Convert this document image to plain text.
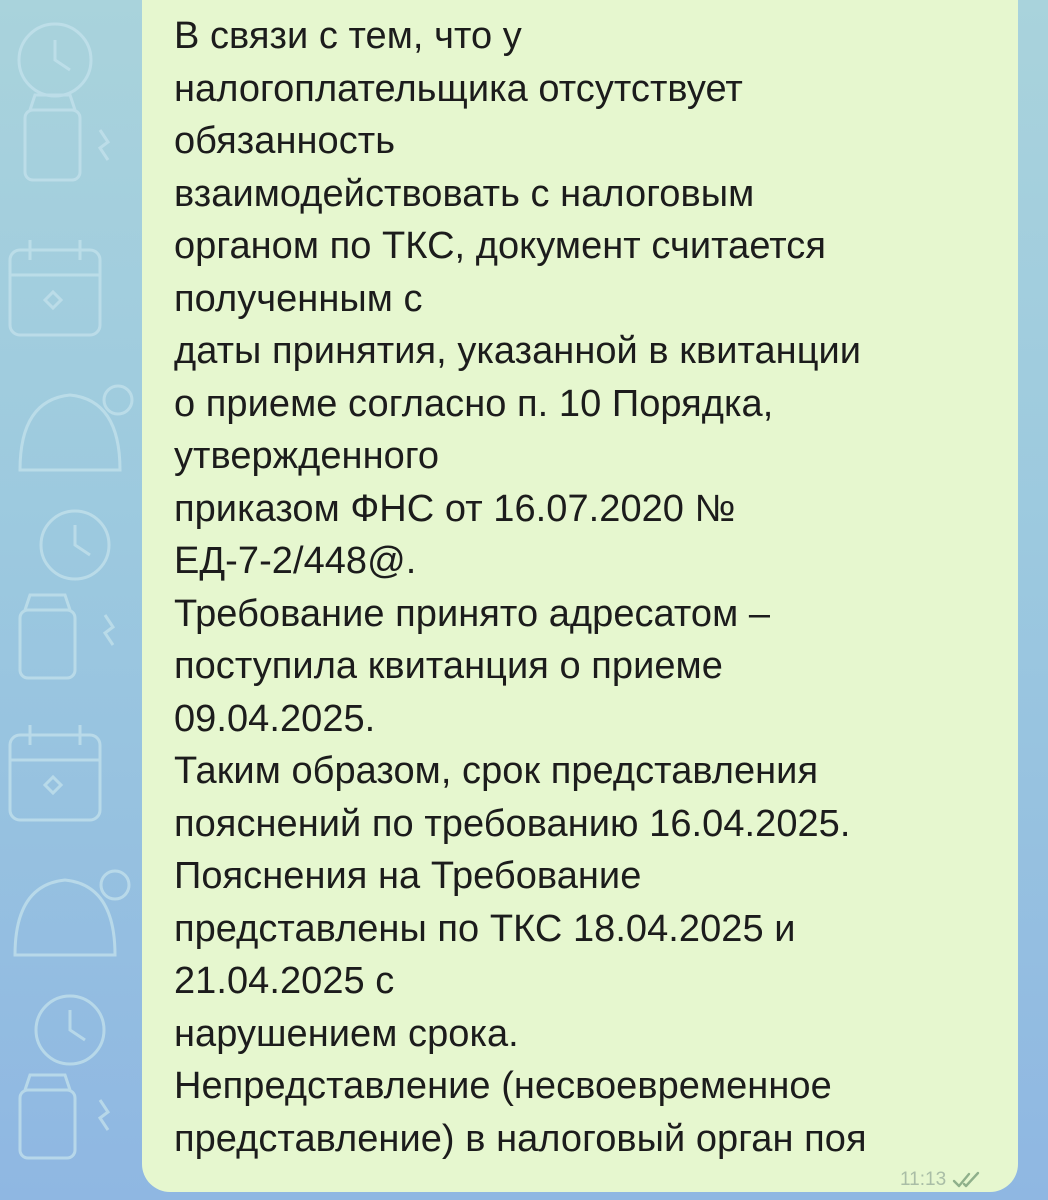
В связи с тем, что у
налогоплательщика отсутствует
обязанность
взаимодействовать с налоговым
органом по ТКС, документ считается
полученным с
даты принятия, указанной в квитанции
о приеме согласно п. 10 Порядка,
утвержденного
приказом ФНС от 16.07.2020 №
ЕД-7-2/448@.
Требование принято адресатом –
поступила квитанция о приеме
09.04.2025.
Таким образом, срок представления
пояснений по требованию 16.04.2025.
Пояснения на Требование
представлены по ТКС 18.04.2025 и
21.04.2025 с
нарушением срока.
Непредставление (несвоевременное
представление) в налоговый орган поя
11:13
